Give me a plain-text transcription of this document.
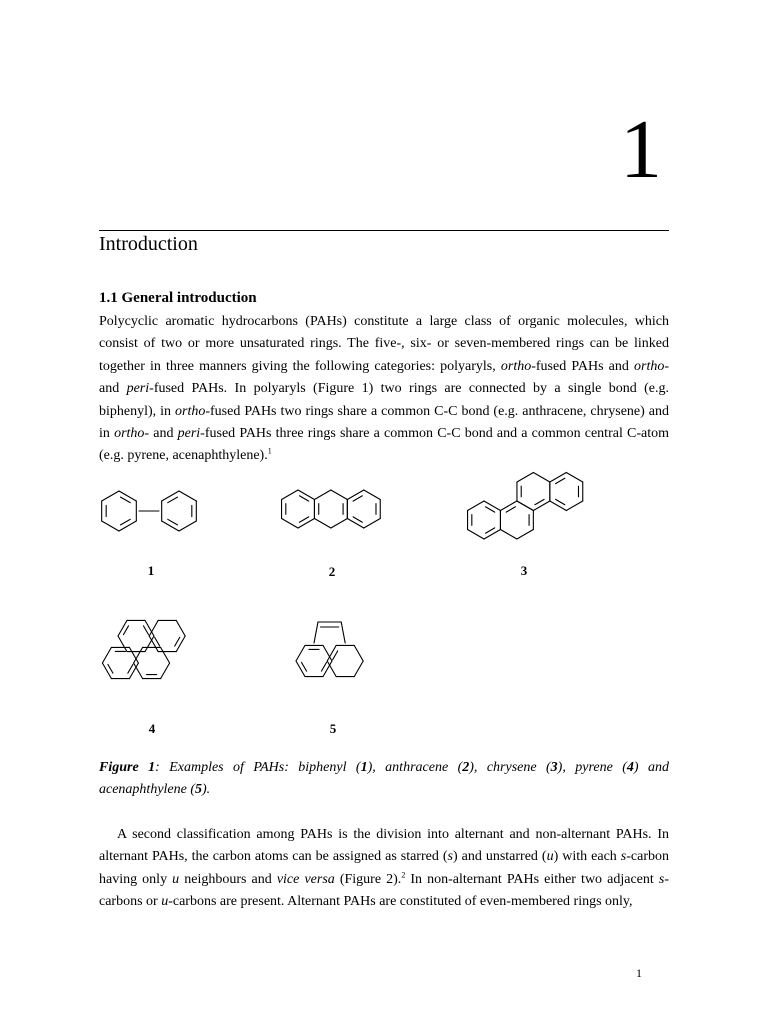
1
Introduction
1.1 General introduction

Polycyclic aromatic hydrocarbons (PAHs) constitute a large class of organic molecules, which consist of two or more unsaturated rings. The five-, six- or seven-membered rings can be linked together in three manners giving the following categories: polyaryls, ortho-fused PAHs and ortho- and peri-fused PAHs. In polyaryls (Figure 1) two rings are connected by a single bond (e.g. biphenyl), in ortho-fused PAHs two rings share a common C-C bond (e.g. anthracene, chrysene) and in ortho- and peri-fused PAHs three rings share a common C-C bond and a common central C-atom (e.g. pyrene, acenaphthylene).$^1$

1	2	3
4	5

Figure 1: Examples of PAHs: biphenyl (1), anthracene (2), chrysene (3), pyrene (4) and acenaphthylene (5).

A second classification among PAHs is the division into alternant and non-alternant PAHs. In alternant PAHs, the carbon atoms can be assigned as starred (s) and unstarred (u) with each s-carbon having only u neighbours and vice versa (Figure 2).$^2$ In non-alternant PAHs either two adjacent s-carbons or u-carbons are present. Alternant PAHs are constituted of even-membered rings only,

1
